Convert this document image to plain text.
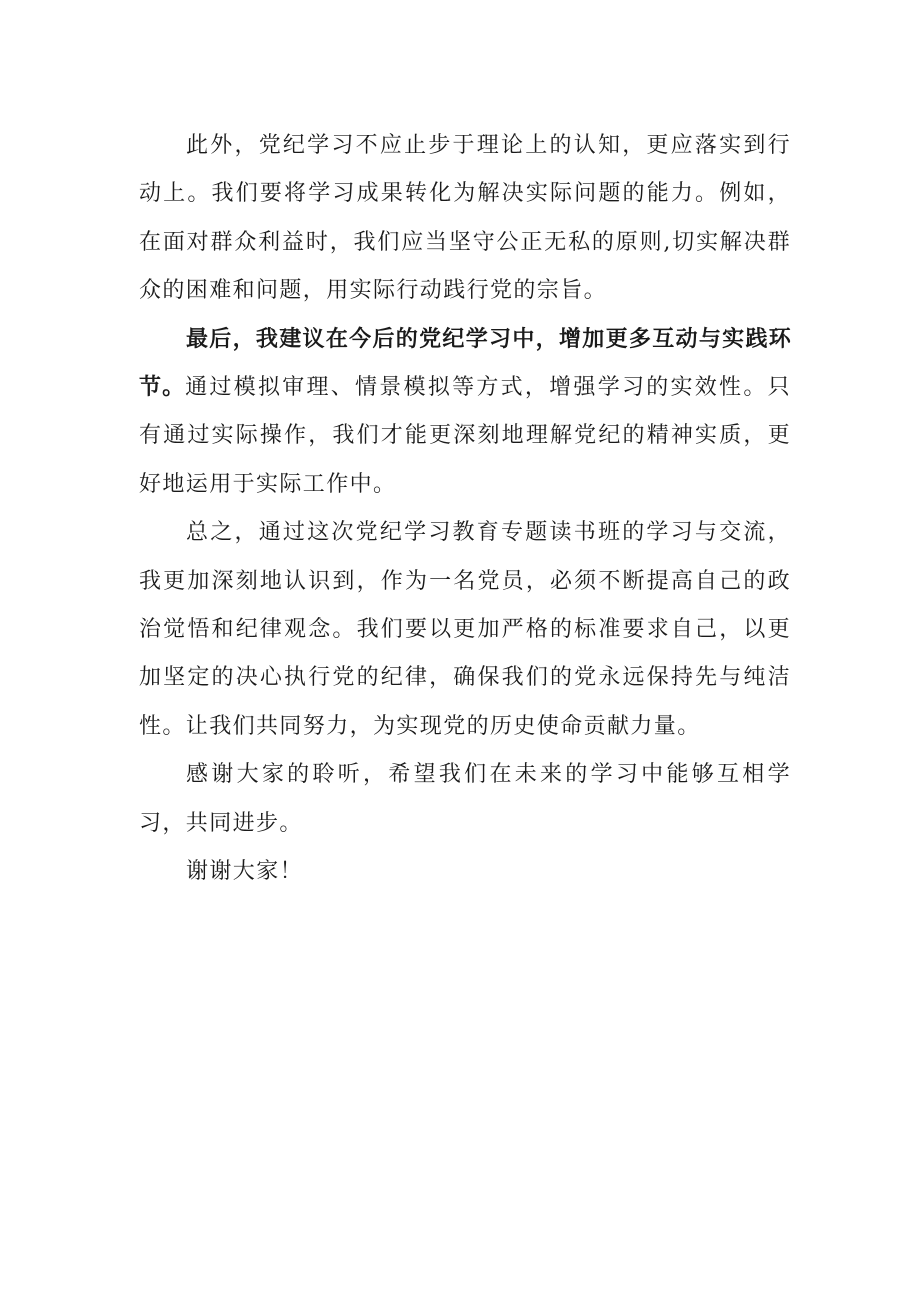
此外，党纪学习不应止步于理论上的认知，更应落实到行动上。我们要将学习成果转化为解决实际问题的能力。例如，在面对群众利益时，我们应当坚守公正无私的原则,切实解决群众的困难和问题，用实际行动践行党的宗旨。

最后，我建议在今后的党纪学习中，增加更多互动与实践环节。通过模拟审理、情景模拟等方式，增强学习的实效性。只有通过实际操作，我们才能更深刻地理解党纪的精神实质，更好地运用于实际工作中。

总之，通过这次党纪学习教育专题读书班的学习与交流，我更加深刻地认识到，作为一名党员，必须不断提高自己的政治觉悟和纪律观念。我们要以更加严格的标准要求自己，以更加坚定的决心执行党的纪律，确保我们的党永远保持先与纯洁性。让我们共同努力，为实现党的历史使命贡献力量。

感谢大家的聆听，希望我们在未来的学习中能够互相学习，共同进步。

谢谢大家！
